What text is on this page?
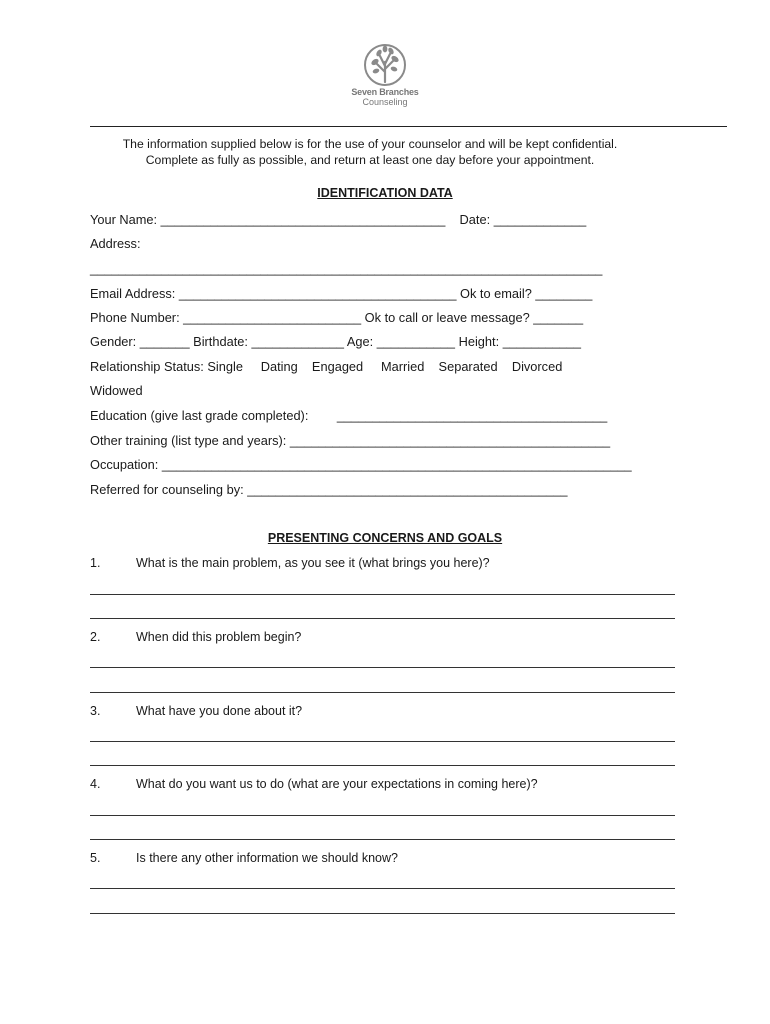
Seven Branches
Counseling
The information supplied below is for the use of your counselor and will be kept confidential.
Complete as fully as possible, and return at least one day before your appointment.
IDENTIFICATION DATA
Your Name: ________________________________________    Date: _____________
Address:
________________________________________________________________________
Email Address: _______________________________________ Ok to email? ________
Phone Number: _________________________ Ok to call or leave message? _______
Gender: _______ Birthdate: _____________ Age: ___________ Height: ___________
Relationship Status: Single     Dating    Engaged     Married    Separated    Divorced
Widowed
Education (give last grade completed):        ______________________________________
Other training (list type and years): _____________________________________________
Occupation: __________________________________________________________________
Referred for counseling by: _____________________________________________
PRESENTING CONCERNS AND GOALS
1.	What is the main problem, as you see it (what brings you here)?
2.	When did this problem begin?
3.	What have you done about it?
4.	What do you want us to do (what are your expectations in coming here)?
5.	Is there any other information we should know?
